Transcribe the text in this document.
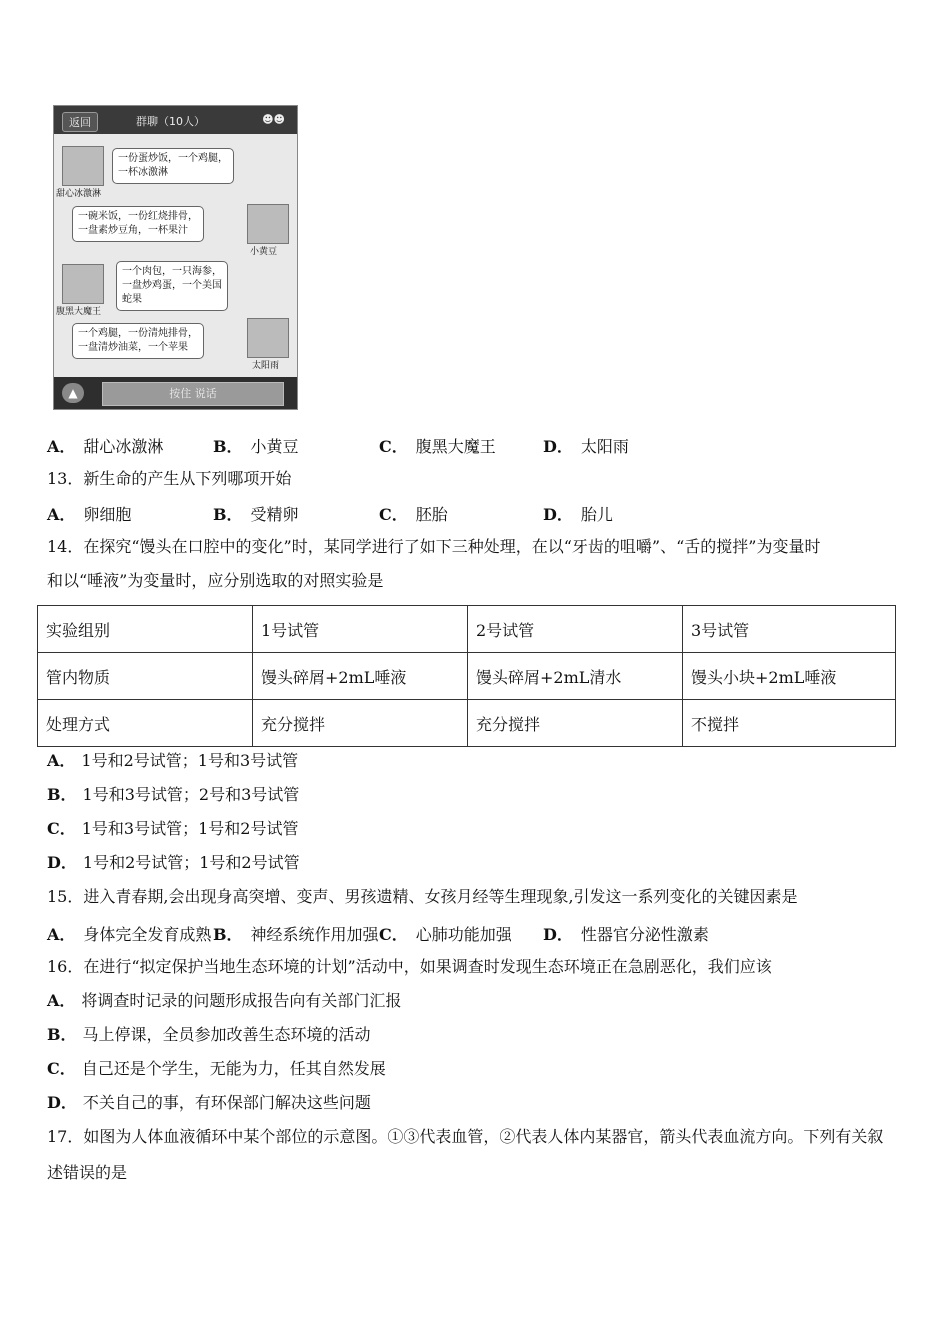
返回	群聊（10人）	☻☻
甜心冰激淋
一份蛋炒饭，一个鸡腿，
一杯冰激淋
小黄豆
一碗米饭，一份红烧排骨，
一盘素炒豆角，一杯果汁
腹黑大魔王
一个肉包，一只海参，
一盘炒鸡蛋，一个美国
蛇果
太阳雨
一个鸡腿，一份清炖排骨，
一盘清炒油菜，一个苹果
▲	按住 说话
A． 甜心冰激淋	B． 小黄豆	C． 腹黑大魔王	D． 太阳雨
13．新生命的产生从下列哪项开始
A． 卵细胞	B． 受精卵	C． 胚胎	D． 胎儿
14．在探究“馒头在口腔中的变化”时，某同学进行了如下三种处理，在以“牙齿的咀嚼”、“舌的搅拌”为变量时
和以“唾液”为变量时，应分别选取的对照实验是
实验组别	1号试管	2号试管	3号试管
管内物质	馒头碎屑+2mL唾液	馒头碎屑+2mL清水	馒头小块+2mL唾液
处理方式	充分搅拌	充分搅拌	不搅拌
A． 1号和2号试管；1号和3号试管
B． 1号和3号试管；2号和3号试管
C． 1号和3号试管；1号和2号试管
D． 1号和2号试管；1号和2号试管
15．进入青春期,会出现身高突增、变声、男孩遗精、女孩月经等生理现象,引发这一系列变化的关键因素是
A． 身体完全发育成熟 B． 神经系统作用加强 C． 心肺功能加强 D． 性器官分泌性激素
16．在进行“拟定保护当地生态环境的计划”活动中，如果调查时发现生态环境正在急剧恶化，我们应该
A． 将调查时记录的问题形成报告向有关部门汇报
B． 马上停课，全员参加改善生态环境的活动
C． 自己还是个学生，无能为力，任其自然发展
D． 不关自己的事，有环保部门解决这些问题
17．如图为人体血液循环中某个部位的示意图。①③代表血管，②代表人体内某器官，箭头代表血流方向。下列有关叙
述错误的是
